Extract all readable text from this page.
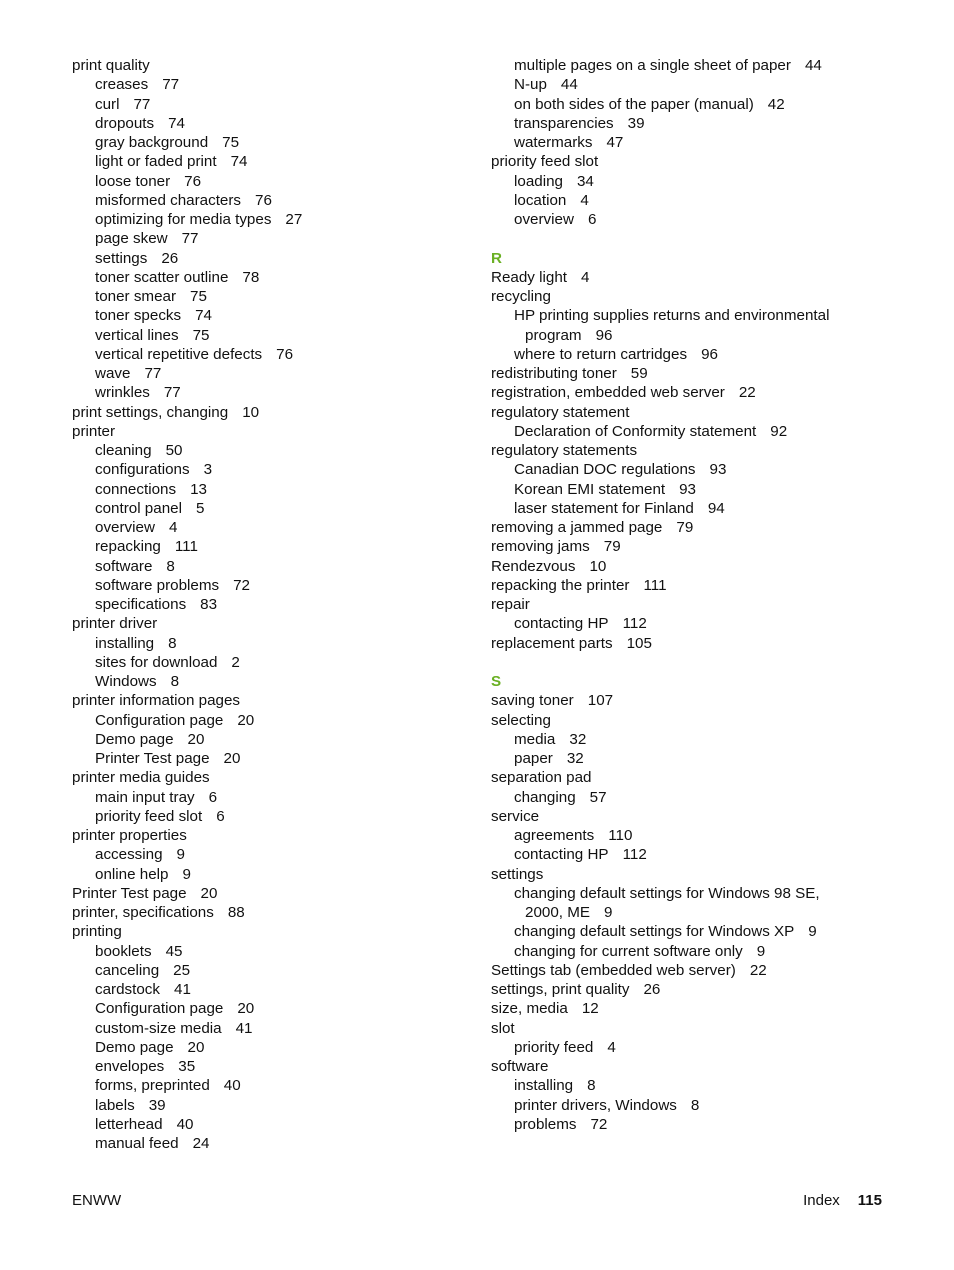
print quality
creases 77
curl 77
dropouts 74
gray background 75
light or faded print 74
loose toner 76
misformed characters 76
optimizing for media types 27
page skew 77
settings 26
toner scatter outline 78
toner smear 75
toner specks 74
vertical lines 75
vertical repetitive defects 76
wave 77
wrinkles 77
print settings, changing 10
printer
cleaning 50
configurations 3
connections 13
control panel 5
overview 4
repacking 111
software 8
software problems 72
specifications 83
printer driver
installing 8
sites for download 2
Windows 8
printer information pages
Configuration page 20
Demo page 20
Printer Test page 20
printer media guides
main input tray 6
priority feed slot 6
printer properties
accessing 9
online help 9
Printer Test page 20
printer, specifications 88
printing
booklets 45
canceling 25
cardstock 41
Configuration page 20
custom-size media 41
Demo page 20
envelopes 35
forms, preprinted 40
labels 39
letterhead 40
manual feed 24
multiple pages on a single sheet of paper 44
N-up 44
on both sides of the paper (manual) 42
transparencies 39
watermarks 47
priority feed slot
loading 34
location 4
overview 6
R
Ready light 4
recycling
HP printing supplies returns and environmental
program 96
where to return cartridges 96
redistributing toner 59
registration, embedded web server 22
regulatory statement
Declaration of Conformity statement 92
regulatory statements
Canadian DOC regulations 93
Korean EMI statement 93
laser statement for Finland 94
removing a jammed page 79
removing jams 79
Rendezvous 10
repacking the printer 111
repair
contacting HP 112
replacement parts 105
S
saving toner 107
selecting
media 32
paper 32
separation pad
changing 57
service
agreements 110
contacting HP 112
settings
changing default settings for Windows 98 SE,
2000, ME 9
changing default settings for Windows XP 9
changing for current software only 9
Settings tab (embedded web server) 22
settings, print quality 26
size, media 12
slot
priority feed 4
software
installing 8
printer drivers, Windows 8
problems 72
ENWW	Index 115
